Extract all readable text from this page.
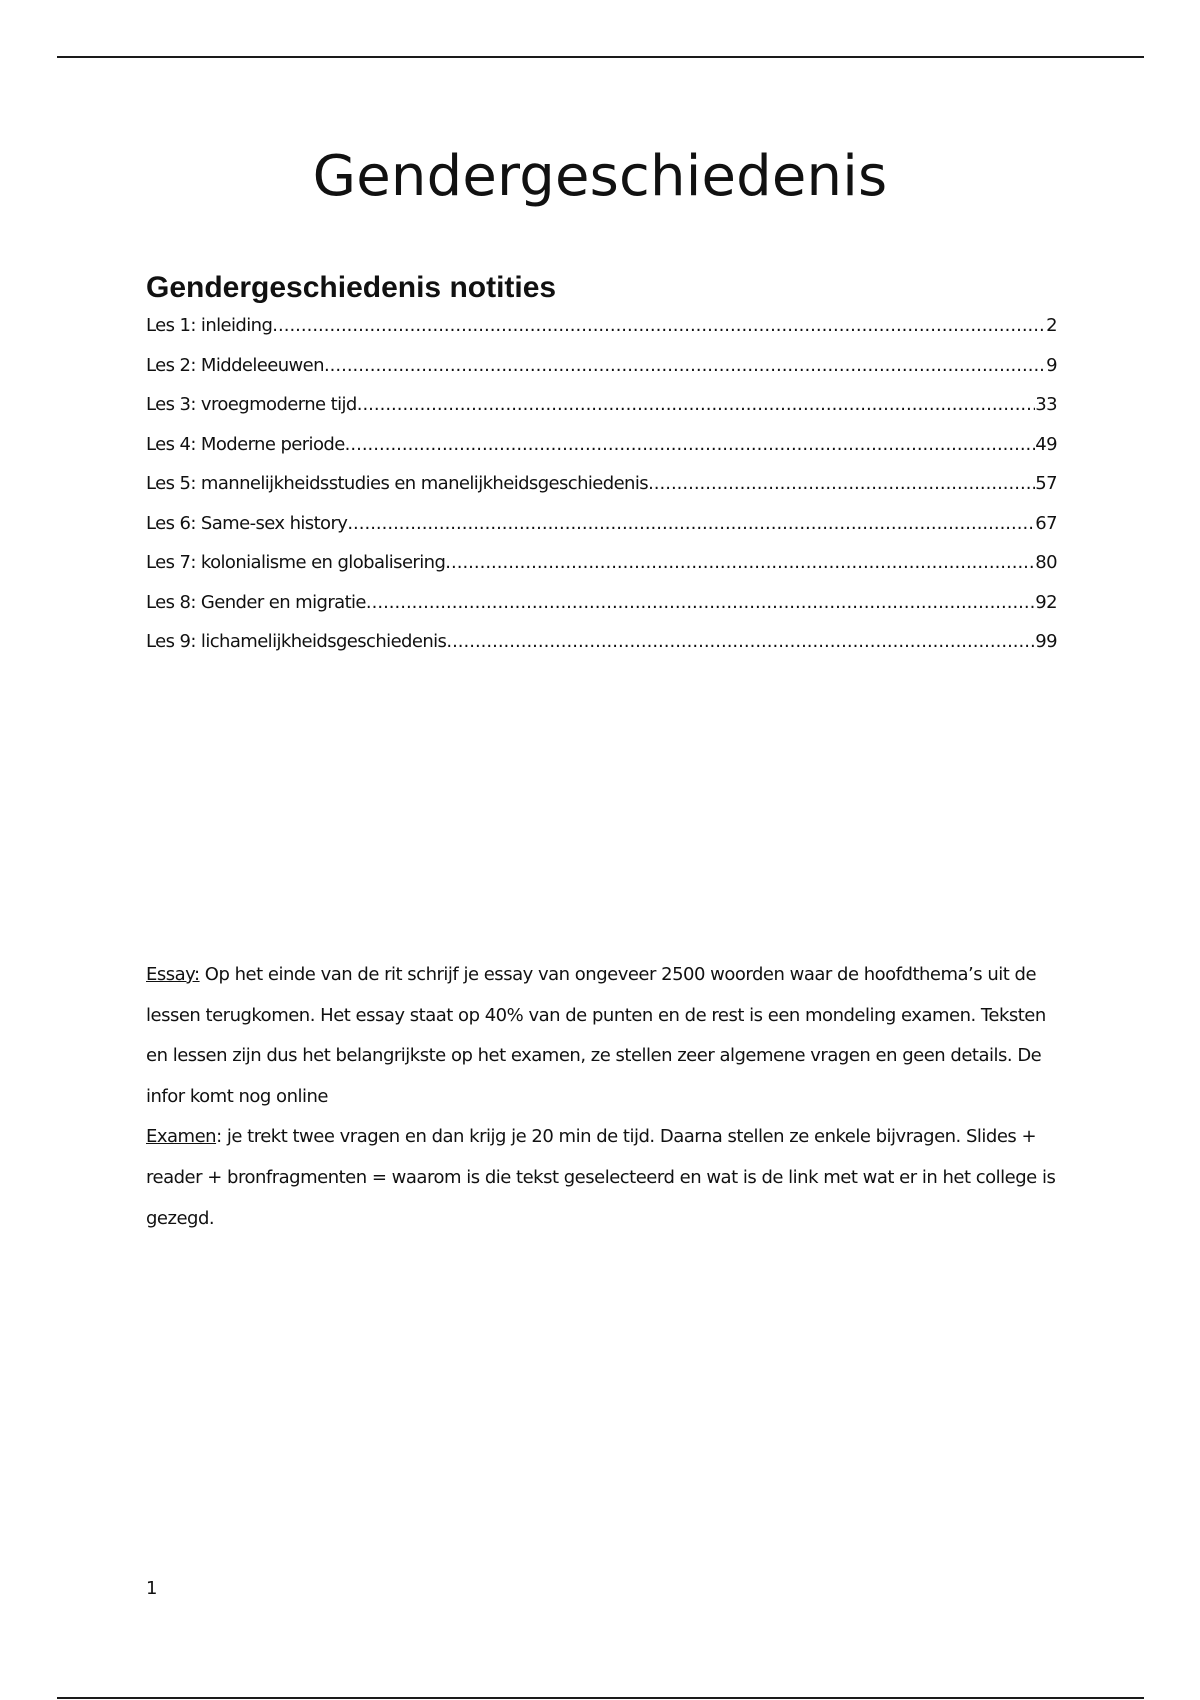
Gendergeschiedenis
Gendergeschiedenis notities
Les 1: inleiding .....	2
Les 2: Middeleeuwen .....	9
Les 3: vroegmoderne tijd .....	33
Les 4: Moderne periode .....	49
Les 5: mannelijkheidsstudies en manelijkheidsgeschiedenis .....	57
Les 6: Same-sex history .....	67
Les 7: kolonialisme en globalisering .....	80
Les 8: Gender en migratie .....	92
Les 9: lichamelijkheidsgeschiedenis .....	99

Essay: Op het einde van de rit schrijf je essay van ongeveer 2500 woorden waar de hoofdthema’s uit de lessen terugkomen. Het essay staat op 40% van de punten en de rest is een mondeling examen. Teksten en lessen zijn dus het belangrijkste op het examen, ze stellen zeer algemene vragen en geen details. De infor komt nog online

Examen: je trekt twee vragen en dan krijg je 20 min de tijd. Daarna stellen ze enkele bijvragen. Slides + reader + bronfragmenten = waarom is die tekst geselecteerd en wat is de link met wat er in het college is gezegd.

1
